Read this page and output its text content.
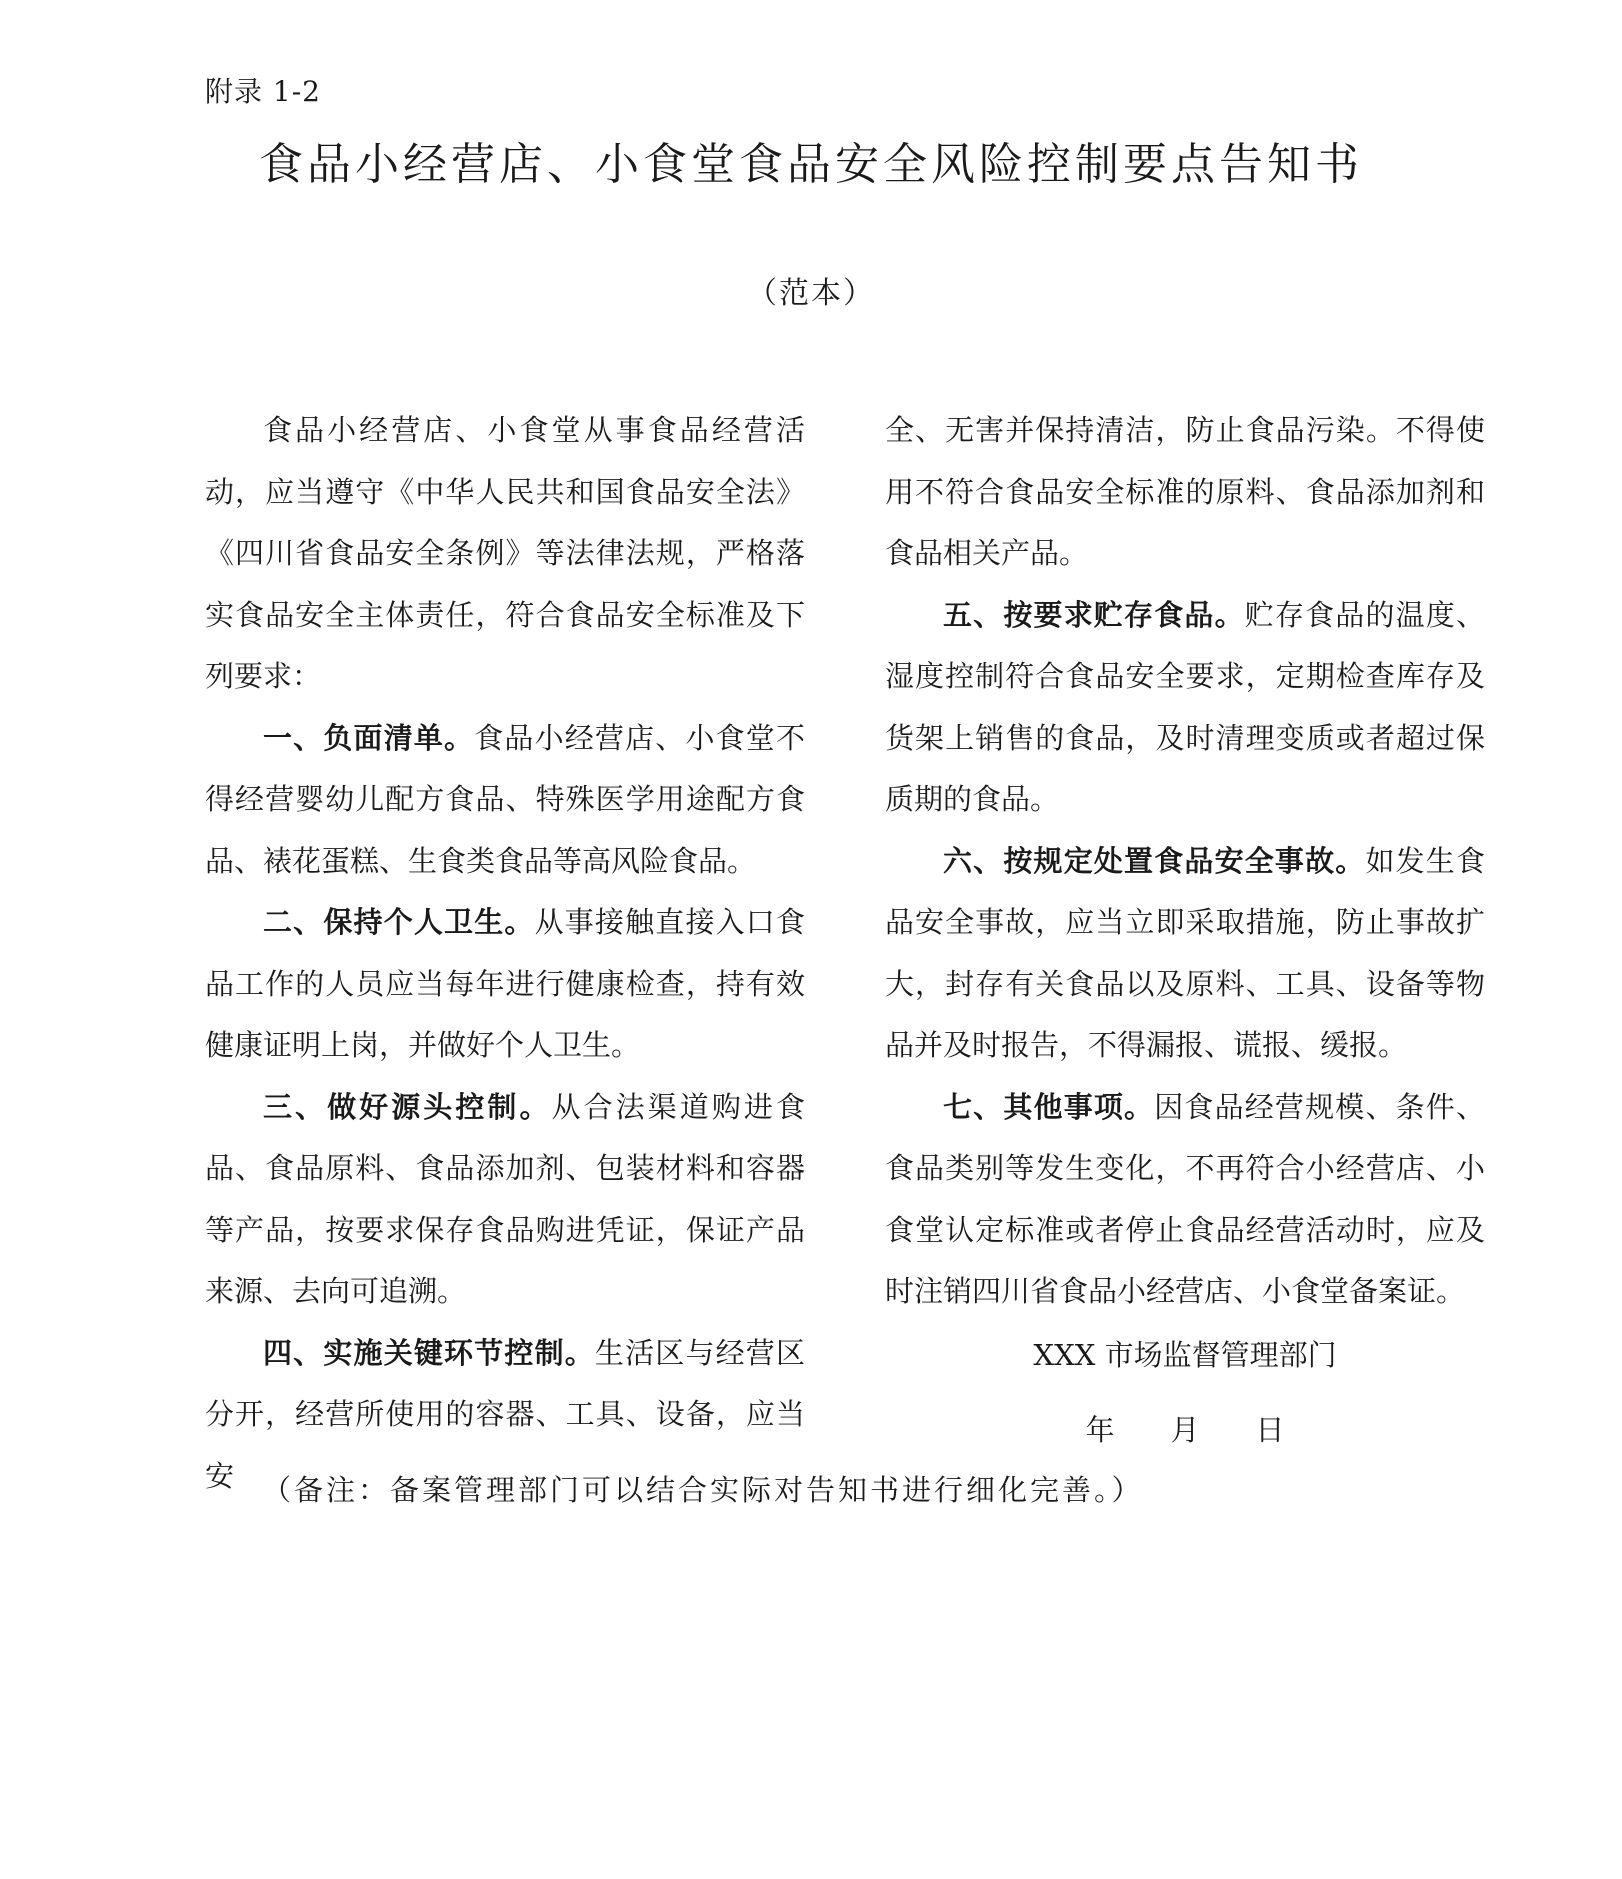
附录 1-2
食品小经营店、小食堂食品安全风险控制要点告知书
（范本）

食品小经营店、小食堂从事食品经营活动，应当遵守《中华人民共和国食品安全法》《四川省食品安全条例》等法律法规，严格落实食品安全主体责任，符合食品安全标准及下列要求：

一、负面清单。食品小经营店、小食堂不得经营婴幼儿配方食品、特殊医学用途配方食品、裱花蛋糕、生食类食品等高风险食品。

二、保持个人卫生。从事接触直接入口食品工作的人员应当每年进行健康检查，持有效健康证明上岗，并做好个人卫生。

三、做好源头控制。从合法渠道购进食品、食品原料、食品添加剂、包装材料和容器等产品，按要求保存食品购进凭证，保证产品来源、去向可追溯。

四、实施关键环节控制。生活区与经营区分开，经营所使用的容器、工具、设备，应当安

全、无害并保持清洁，防止食品污染。不得使用不符合食品安全标准的原料、食品添加剂和食品相关产品。

五、按要求贮存食品。贮存食品的温度、湿度控制符合食品安全要求，定期检查库存及货架上销售的食品，及时清理变质或者超过保质期的食品。

六、按规定处置食品安全事故。如发生食品安全事故，应当立即采取措施，防止事故扩大，封存有关食品以及原料、工具、设备等物品并及时报告，不得漏报、谎报、缓报。

七、其他事项。因食品经营规模、条件、食品类别等发生变化，不再符合小经营店、小食堂认定标准或者停止食品经营活动时，应及时注销四川省食品小经营店、小食堂备案证。

XXX 市场监督管理部门

年 月 日

（备注：备案管理部门可以结合实际对告知书进行细化完善。）
